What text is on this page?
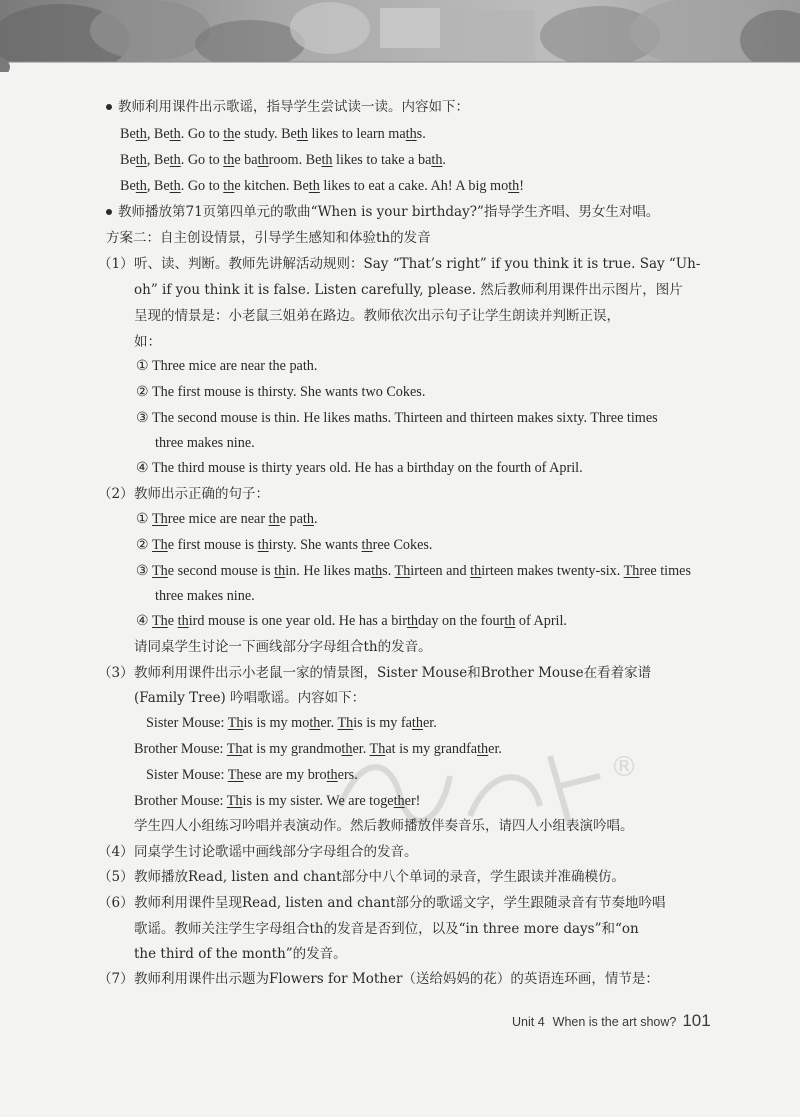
®
教师利用课件出示歌谣，指导学生尝试读一读。内容如下：
Beth, Beth. Go to the study. Beth likes to learn maths.
Beth, Beth. Go to the bathroom. Beth likes to take a bath.
Beth, Beth. Go to the kitchen. Beth likes to eat a cake. Ah! A big moth!
教师播放第71页第四单元的歌曲“When is your birthday?”指导学生齐唱、男女生对唱。
方案二：自主创设情景，引导学生感知和体验th的发音
（1） 听、读、判断。教师先讲解活动规则：Say “That’s right” if you think it is true. Say “Uh-
oh” if you think it is false. Listen carefully, please. 然后教师利用课件出示图片，图片
呈现的情景是：小老鼠三姐弟在路边。教师依次出示句子让学生朗读并判断正误，
如：
① Three mice are near the path.
② The first mouse is thirsty. She wants two Cokes.
③ The second mouse is thin. He likes maths. Thirteen and thirteen makes sixty. Three times
three makes nine.
④ The third mouse is thirty years old. He has a birthday on the fourth of April.
（2） 教师出示正确的句子：
① Three mice are near the path.
② The first mouse is thirsty. She wants three Cokes.
③ The second mouse is thin. He likes maths. Thirteen and thirteen makes twenty-six. Three times
three makes nine.
④ The third mouse is one year old. He has a birthday on the fourth of April.
请同桌学生讨论一下画线部分字母组合th的发音。
（3） 教师利用课件出示小老鼠一家的情景图，Sister Mouse和Brother Mouse在看着家谱
(Family Tree) 吟唱歌谣。内容如下：
Sister Mouse: This is my mother. This is my father.
Brother Mouse: That is my grandmother. That is my grandfather.
Sister Mouse: These are my brothers.
Brother Mouse: This is my sister. We are together!
学生四人小组练习吟唱并表演动作。然后教师播放伴奏音乐，请四人小组表演吟唱。
（4） 同桌学生讨论歌谣中画线部分字母组合的发音。
（5） 教师播放Read, listen and chant部分中八个单词的录音，学生跟读并准确模仿。
（6） 教师利用课件呈现Read, listen and chant部分的歌谣文字，学生跟随录音有节奏地吟唱
歌谣。教师关注学生字母组合th的发音是否到位，以及“in three more days”和“on
the third of the month”的发音。
（7） 教师利用课件出示题为Flowers for Mother（送给妈妈的花）的英语连环画，情节是：
Unit 4 When is the art show? 101
